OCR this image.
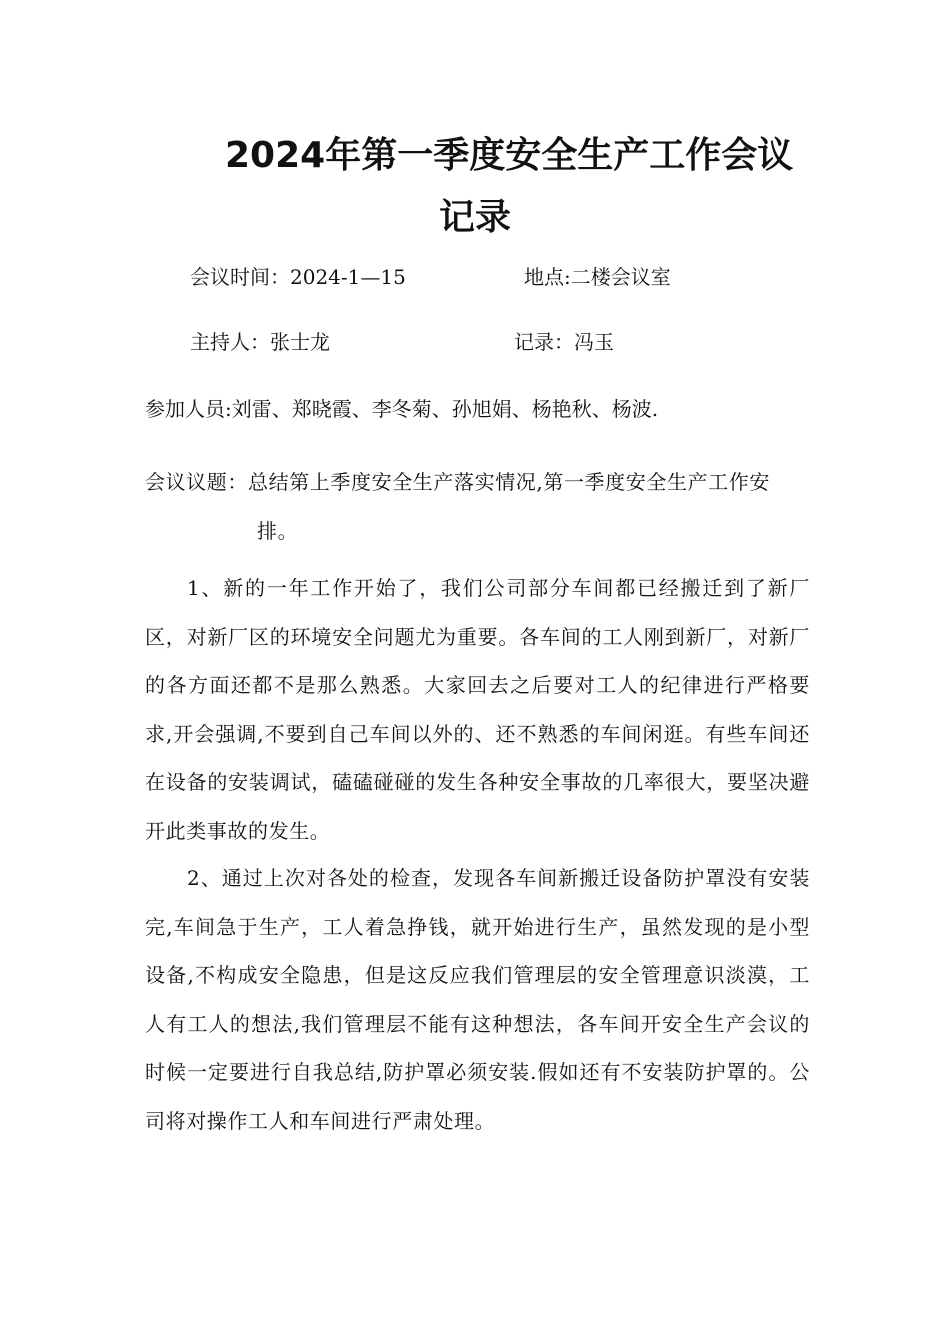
2024年第一季度安全生产工作会议
记录
会议时间：2024-1—15	地点:二楼会议室
主持人：张士龙	记录：冯玉
参加人员:刘雷、郑晓霞、李冬菊、孙旭娟、杨艳秋、杨波.
会议议题：总结第上季度安全生产落实情况,第一季度安全生产工作安排。
1、新的一年工作开始了，我们公司部分车间都已经搬迁到了新厂区，对新厂区的环境安全问题尤为重要。各车间的工人刚到新厂，对新厂的各方面还都不是那么熟悉。大家回去之后要对工人的纪律进行严格要求,开会强调,不要到自己车间以外的、还不熟悉的车间闲逛。有些车间还在设备的安装调试，磕磕碰碰的发生各种安全事故的几率很大，要坚决避开此类事故的发生。
2、通过上次对各处的检查，发现各车间新搬迁设备防护罩没有安装完,车间急于生产，工人着急挣钱，就开始进行生产，虽然发现的是小型设备,不构成安全隐患，但是这反应我们管理层的安全管理意识淡漠，工人有工人的想法,我们管理层不能有这种想法，各车间开安全生产会议的时候一定要进行自我总结,防护罩必须安装.假如还有不安装防护罩的。公司将对操作工人和车间进行严肃处理。
